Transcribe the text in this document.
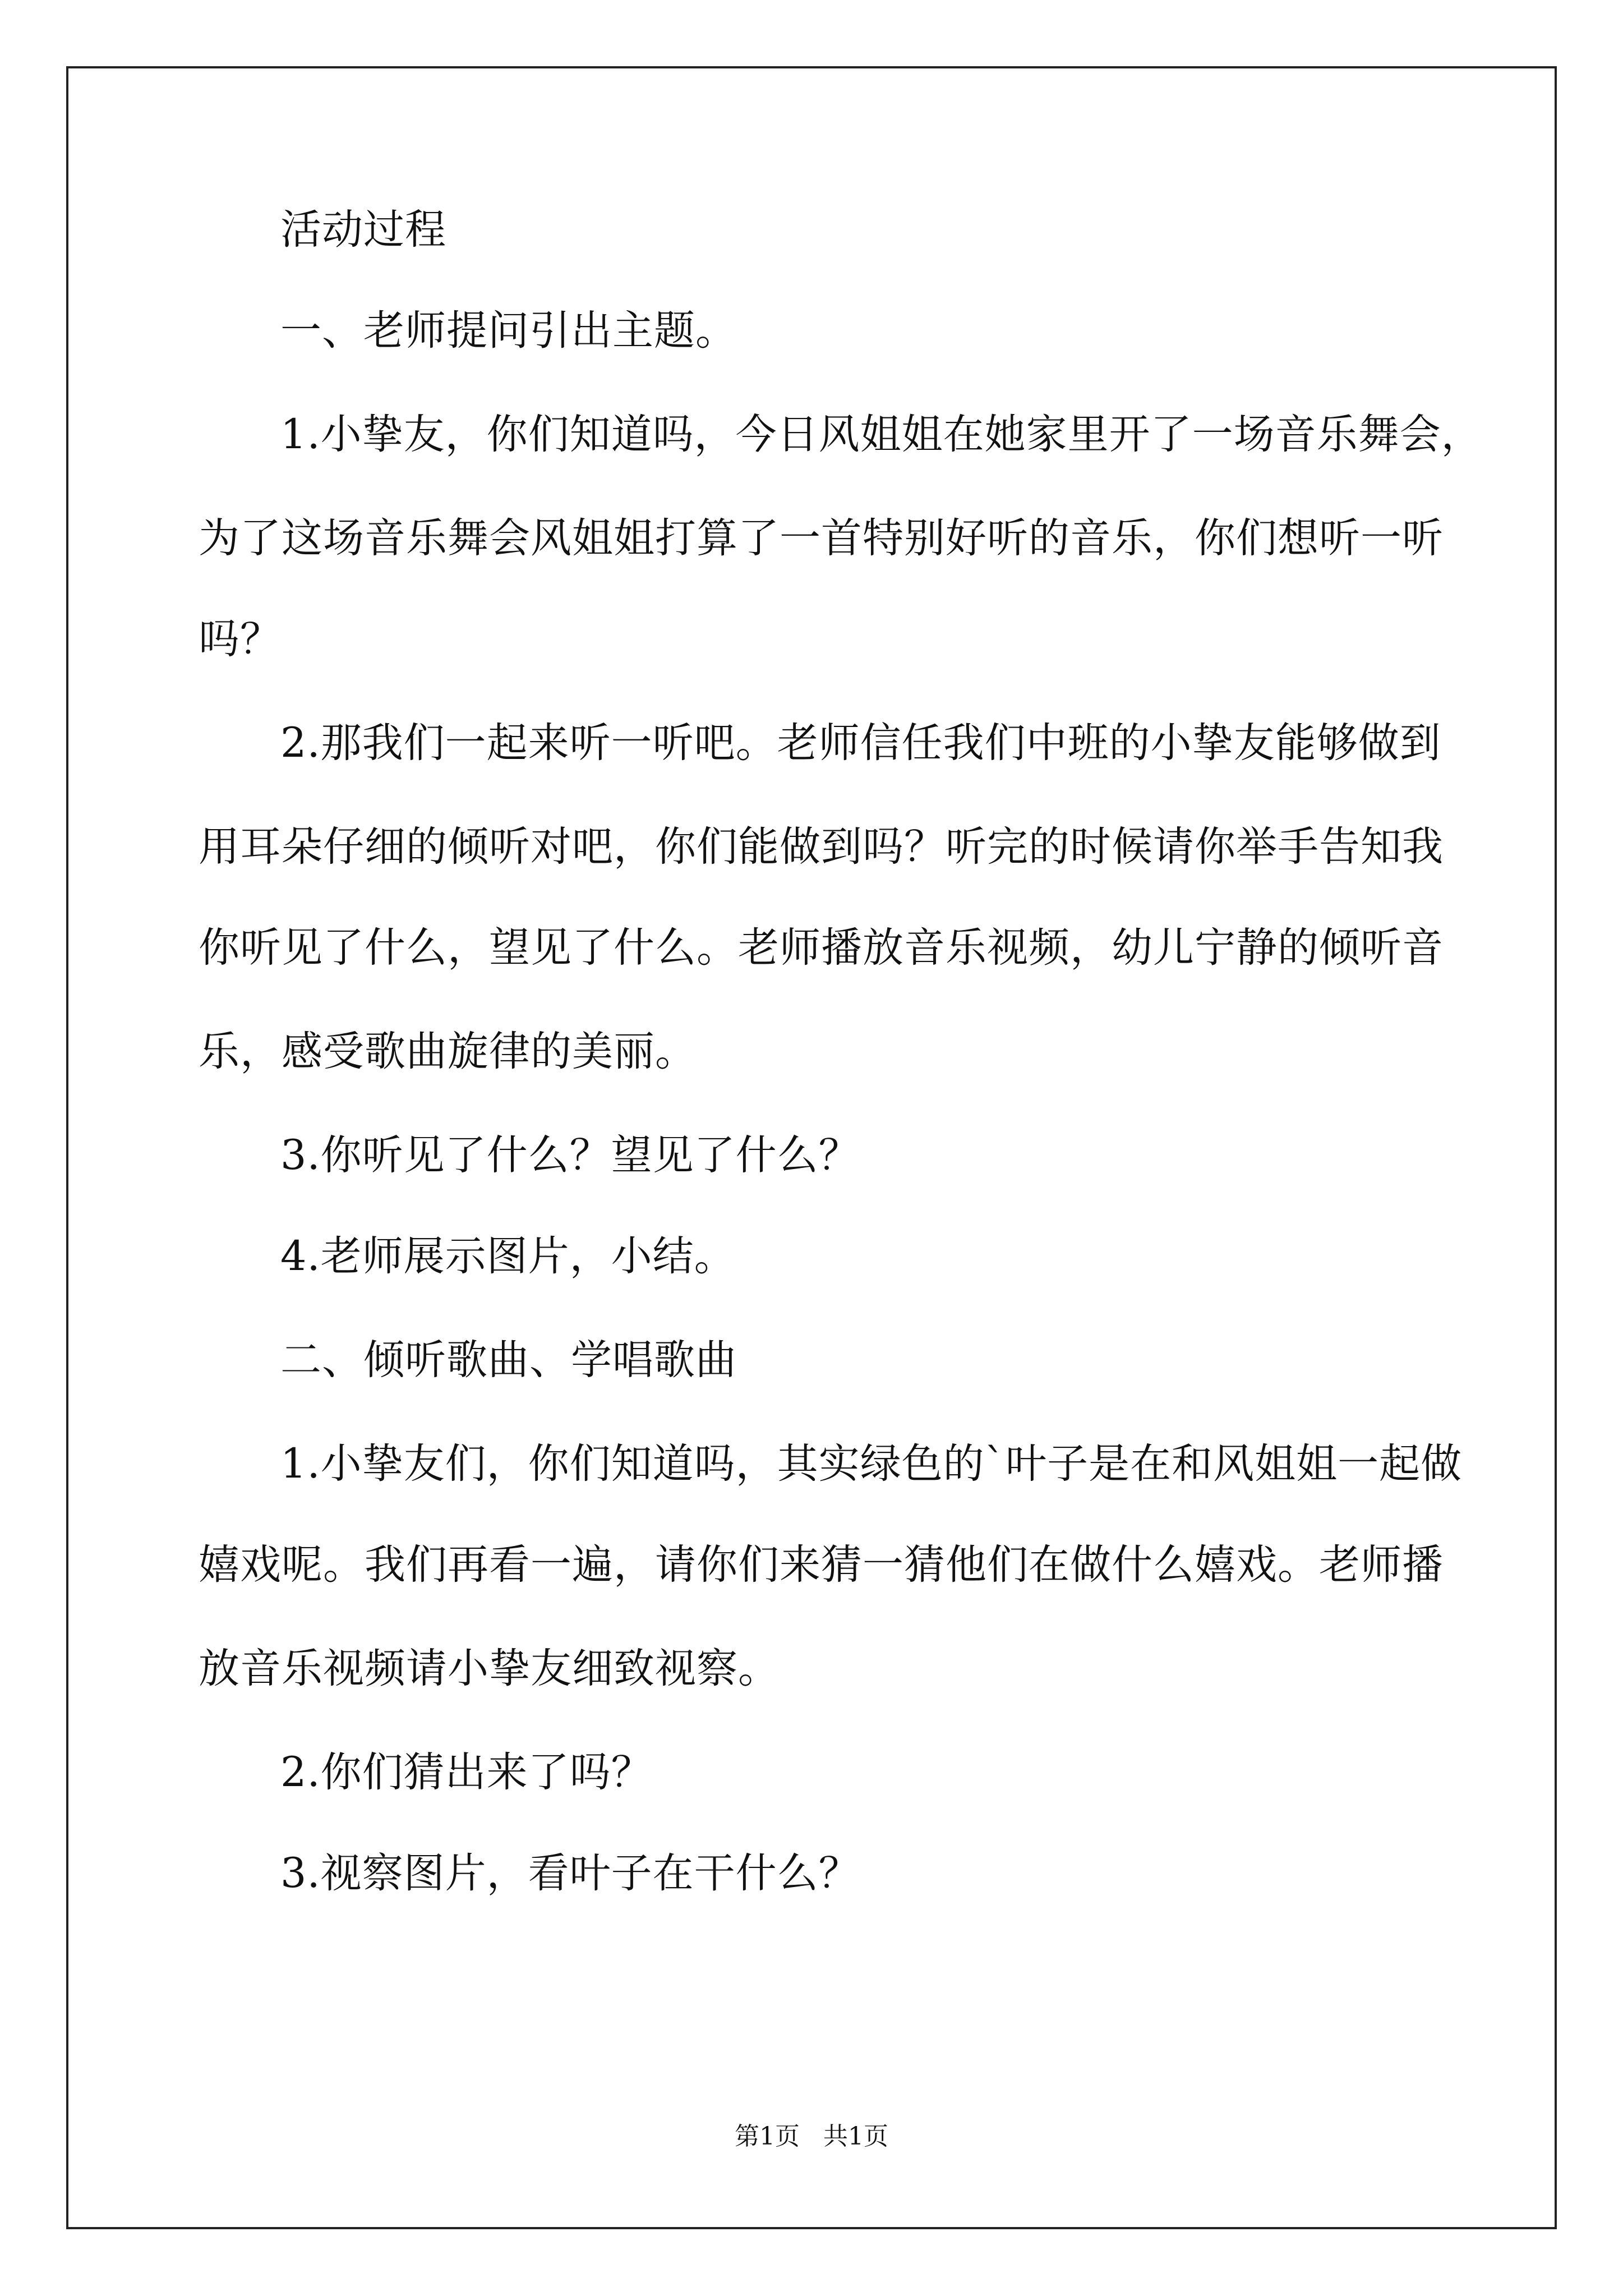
活动过程
一、老师提问引出主题。
1.小挚友，你们知道吗，今日风姐姐在她家里开了一场音乐舞会，
为了这场音乐舞会风姐姐打算了一首特别好听的音乐，你们想听一听
吗？
2.那我们一起来听一听吧。老师信任我们中班的小挚友能够做到
用耳朵仔细的倾听对吧，你们能做到吗？听完的时候请你举手告知我
你听见了什么，望见了什么。老师播放音乐视频，幼儿宁静的倾听音
乐，感受歌曲旋律的美丽。
3.你听见了什么？望见了什么？
4.老师展示图片，小结。
二、倾听歌曲、学唱歌曲
1.小挚友们，你们知道吗，其实绿色的`叶子是在和风姐姐一起做
嬉戏呢。我们再看一遍，请你们来猜一猜他们在做什么嬉戏。老师播
放音乐视频请小挚友细致视察。
2.你们猜出来了吗？
3.视察图片，看叶子在干什么？
第1页 共1页
